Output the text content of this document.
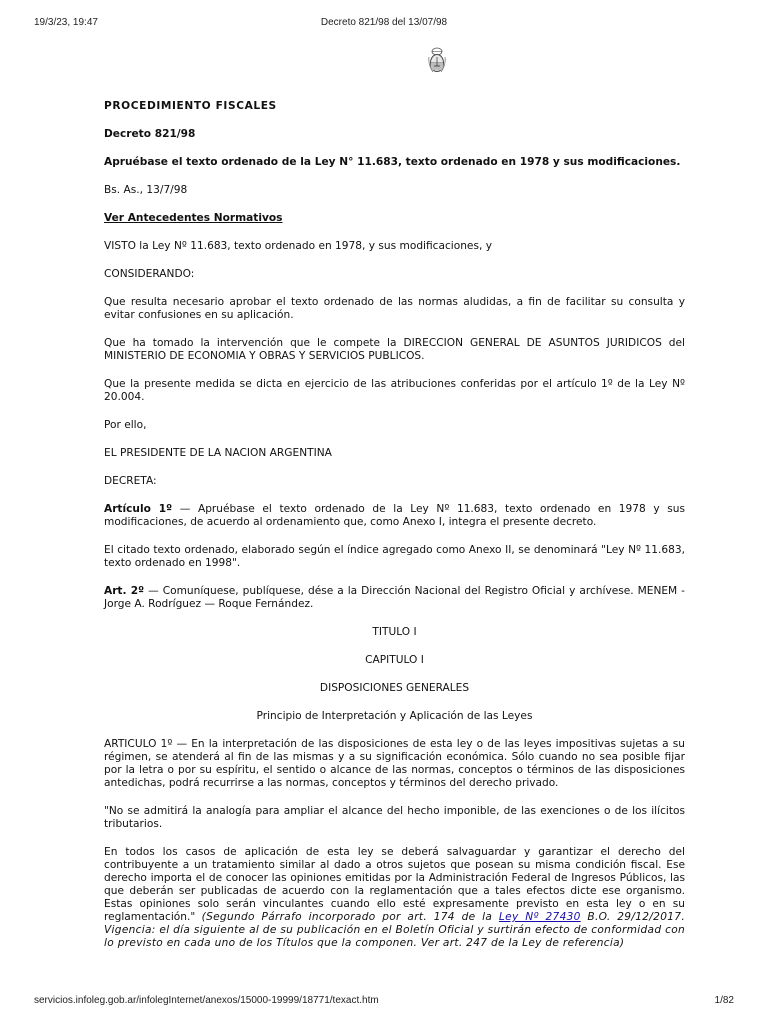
19/3/23, 19:47	Decreto 821/98 del 13/07/98

PROCEDIMIENTO FISCALES

Decreto 821/98

Apruébase el texto ordenado de la Ley N° 11.683, texto ordenado en 1978 y sus modificaciones.

Bs. As., 13/7/98

Ver Antecedentes Normativos

VISTO la Ley Nº 11.683, texto ordenado en 1978, y sus modificaciones, y

CONSIDERANDO:

Que resulta necesario aprobar el texto ordenado de las normas aludidas, a fin de facilitar su consulta y evitar confusiones en su aplicación.

Que ha tomado la intervención que le compete la DIRECCION GENERAL DE ASUNTOS JURIDICOS del MINISTERIO DE ECONOMIA Y OBRAS Y SERVICIOS PUBLICOS.

Que la presente medida se dicta en ejercicio de las atribuciones conferidas por el artículo 1º de la Ley Nº 20.004.

Por ello,

EL PRESIDENTE DE LA NACION ARGENTINA

DECRETA:

Artículo 1º — Apruébase el texto ordenado de la Ley Nº 11.683, texto ordenado en 1978 y sus modificaciones, de acuerdo al ordenamiento que, como Anexo I, integra el presente decreto.

El citado texto ordenado, elaborado según el índice agregado como Anexo II, se denominará "Ley Nº 11.683, texto ordenado en 1998".

Art. 2º — Comuníquese, publíquese, dése a la Dirección Nacional del Registro Oficial y archívese. MENEM - Jorge A. Rodríguez — Roque Fernández.

TITULO I

CAPITULO I

DISPOSICIONES GENERALES

Principio de Interpretación y Aplicación de las Leyes

ARTICULO 1º — En la interpretación de las disposiciones de esta ley o de las leyes impositivas sujetas a su régimen, se atenderá al fin de las mismas y a su significación económica. Sólo cuando no sea posible fijar por la letra o por su espíritu, el sentido o alcance de las normas, conceptos o términos de las disposiciones antedichas, podrá recurrirse a las normas, conceptos y términos del derecho privado.

"No se admitirá la analogía para ampliar el alcance del hecho imponible, de las exenciones o de los ilícitos tributarios.

En todos los casos de aplicación de esta ley se deberá salvaguardar y garantizar el derecho del contribuyente a un tratamiento similar al dado a otros sujetos que posean su misma condición fiscal. Ese derecho importa el de conocer las opiniones emitidas por la Administración Federal de Ingresos Públicos, las que deberán ser publicadas de acuerdo con la reglamentación que a tales efectos dicte ese organismo. Estas opiniones solo serán vinculantes cuando ello esté expresamente previsto en esta ley o en su reglamentación." (Segundo Párrafo incorporado por art. 174 de la Ley Nº 27430 B.O. 29/12/2017. Vigencia: el día siguiente al de su publicación en el Boletín Oficial y surtirán efecto de conformidad con lo previsto en cada uno de los Títulos que la componen. Ver art. 247 de la Ley de referencia)

servicios.infoleg.gob.ar/infolegInternet/anexos/15000-19999/18771/texact.htm	1/82
